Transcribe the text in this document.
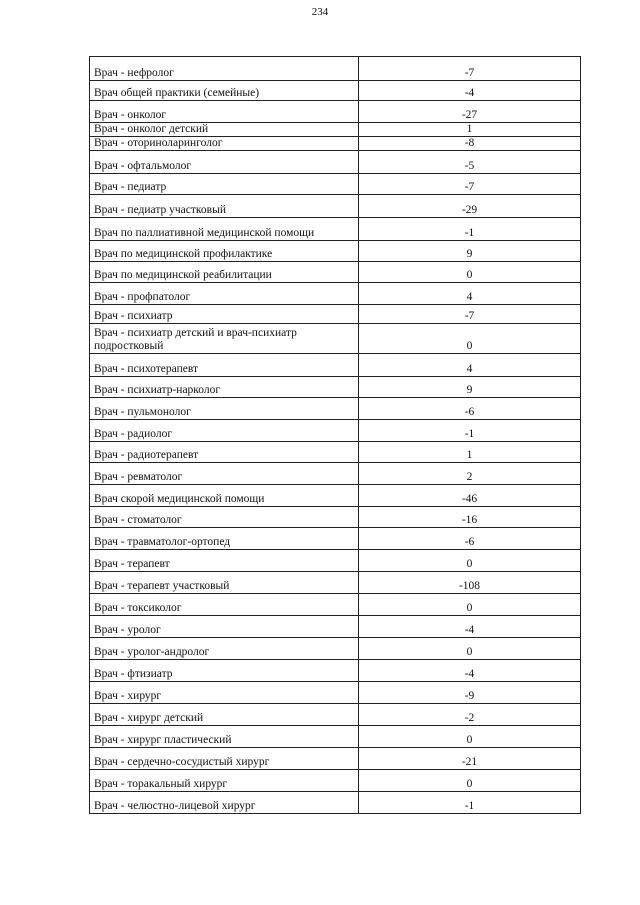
234
Врач - нефролог	-7
Врач общей практики (семейные)	-4
Врач - онколог	-27
Врач - онколог детский	1
Врач - оториноларинголог	-8
Врач - офтальмолог	-5
Врач - педиатр	-7
Врач - педиатр участковый	-29
Врач по паллиативной медицинской помощи	-1
Врач по медицинской профилактике	9
Врач по медицинской реабилитации	0
Врач - профпатолог	4
Врач - психиатр	-7
Врач - психиатр детский и врач-психиатр подростковый	0
Врач - психотерапевт	4
Врач - психиатр-нарколог	9
Врач - пульмонолог	-6
Врач - радиолог	-1
Врач - радиотерапевт	1
Врач - ревматолог	2
Врач скорой медицинской помощи	-46
Врач - стоматолог	-16
Врач - травматолог-ортопед	-6
Врач - терапевт	0
Врач - терапевт участковый	-108
Врач - токсиколог	0
Врач - уролог	-4
Врач - уролог-андролог	0
Врач - фтизиатр	-4
Врач - хирург	-9
Врач - хирург детский	-2
Врач - хирург пластический	0
Врач - сердечно-сосудистый хирург	-21
Врач - торакальный хирург	0
Врач - челюстно-лицевой хирург	-1
